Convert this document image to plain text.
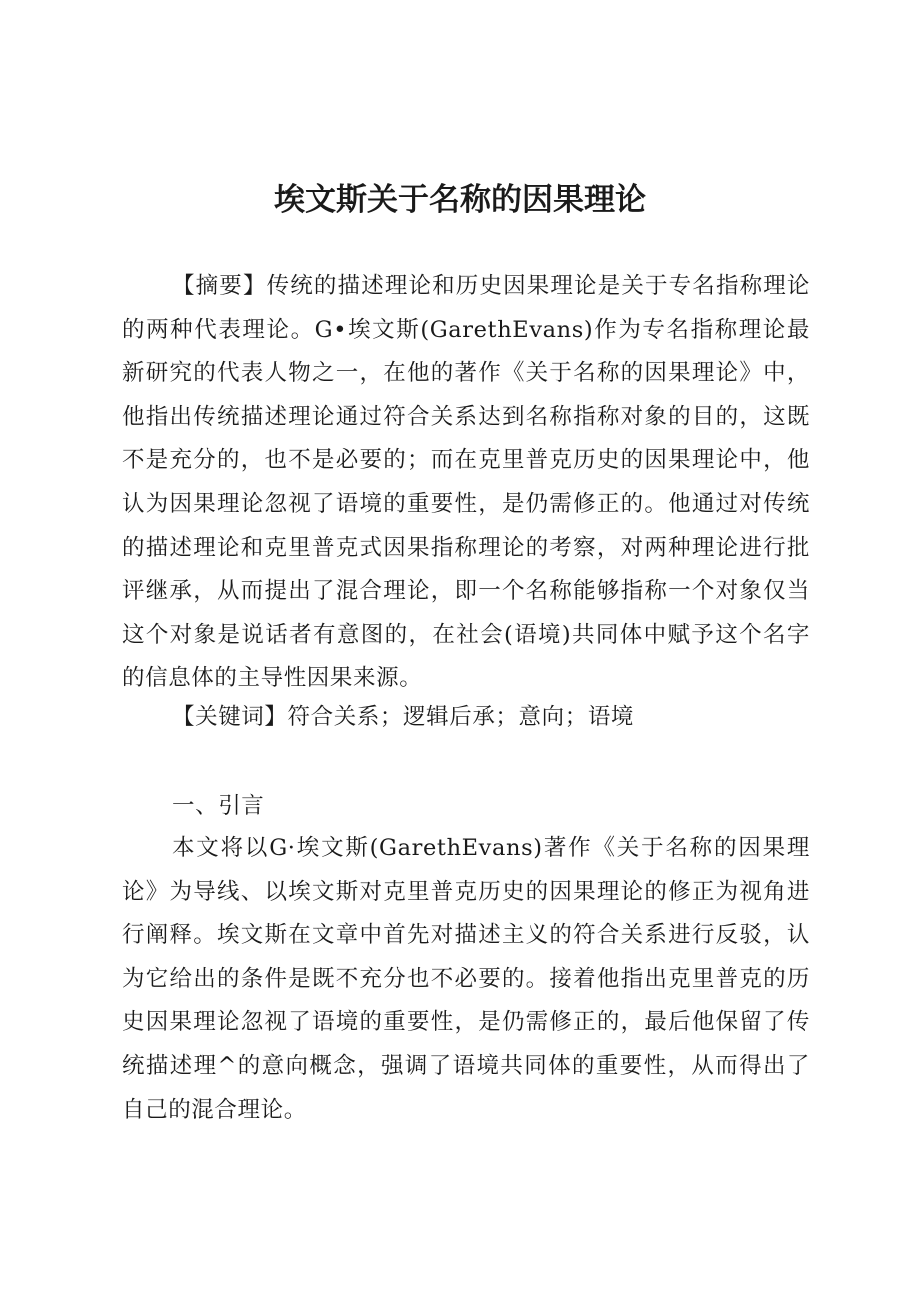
埃文斯关于名称的因果理论

【摘要】传统的描述理论和历史因果理论是关于专名指称理论的两种代表理论。G•埃文斯(GarethEvans)作为专名指称理论最新研究的代表人物之一，在他的著作《关于名称的因果理论》中，他指出传统描述理论通过符合关系达到名称指称对象的目的，这既不是充分的，也不是必要的；而在克里普克历史的因果理论中，他认为因果理论忽视了语境的重要性，是仍需修正的。他通过对传统的描述理论和克里普克式因果指称理论的考察，对两种理论进行批评继承，从而提出了混合理论，即一个名称能够指称一个对象仅当这个对象是说话者有意图的，在社会(语境)共同体中赋予这个名字的信息体的主导性因果来源。

【关键词】符合关系；逻辑后承；意向；语境

一、引言

本文将以G·埃文斯(GarethEvans)著作《关于名称的因果理论》为导线、以埃文斯对克里普克历史的因果理论的修正为视角进行阐释。埃文斯在文章中首先对描述主义的符合关系进行反驳，认为它给出的条件是既不充分也不必要的。接着他指出克里普克的历史因果理论忽视了语境的重要性，是仍需修正的，最后他保留了传统描述理^的意向概念，强调了语境共同体的重要性，从而得出了自己的混合理论。
